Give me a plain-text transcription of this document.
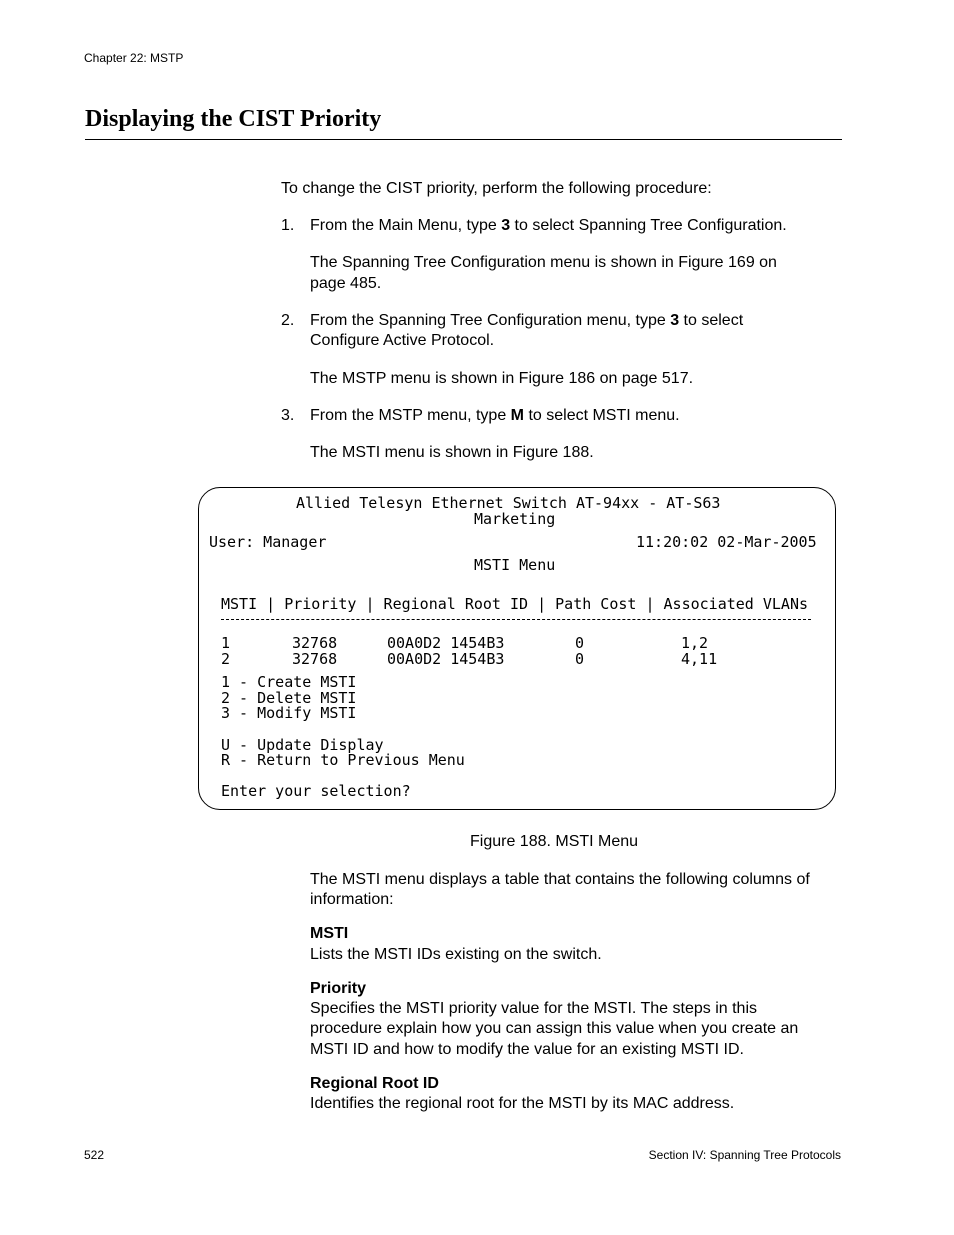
Chapter 22: MSTP
Displaying the CIST Priority

To change the CIST priority, perform the following procedure:

1. From the Main Menu, type 3 to select Spanning Tree Configuration.

The Spanning Tree Configuration menu is shown in Figure 169 on

page 485.

2. From the Spanning Tree Configuration menu, type 3 to select

Configure Active Protocol.

The MSTP menu is shown in Figure 186 on page 517.

3. From the MSTP menu, type M to select MSTI menu.

The MSTI menu is shown in Figure 188.

Allied Telesyn Ethernet Switch AT-94xx - AT-S63
Marketing
User: Manager	11:20:02 02-Mar-2005
MSTI Menu
MSTI | Priority | Regional Root ID | Path Cost | Associated VLANs
1	32768	00A0D2 1454B3	0	1,2
2	32768	00A0D2 1454B3	0	4,11
1 - Create MSTI
2 - Delete MSTI
3 - Modify MSTI
U - Update Display
R - Return to Previous Menu
Enter your selection?

Figure 188. MSTI Menu

The MSTI menu displays a table that contains the following columns of

information:

MSTI

Lists the MSTI IDs existing on the switch.

Priority

Specifies the MSTI priority value for the MSTI. The steps in this

procedure explain how you can assign this value when you create an

MSTI ID and how to modify the value for an existing MSTI ID.

Regional Root ID

Identifies the regional root for the MSTI by its MAC address.

522	Section IV: Spanning Tree Protocols
